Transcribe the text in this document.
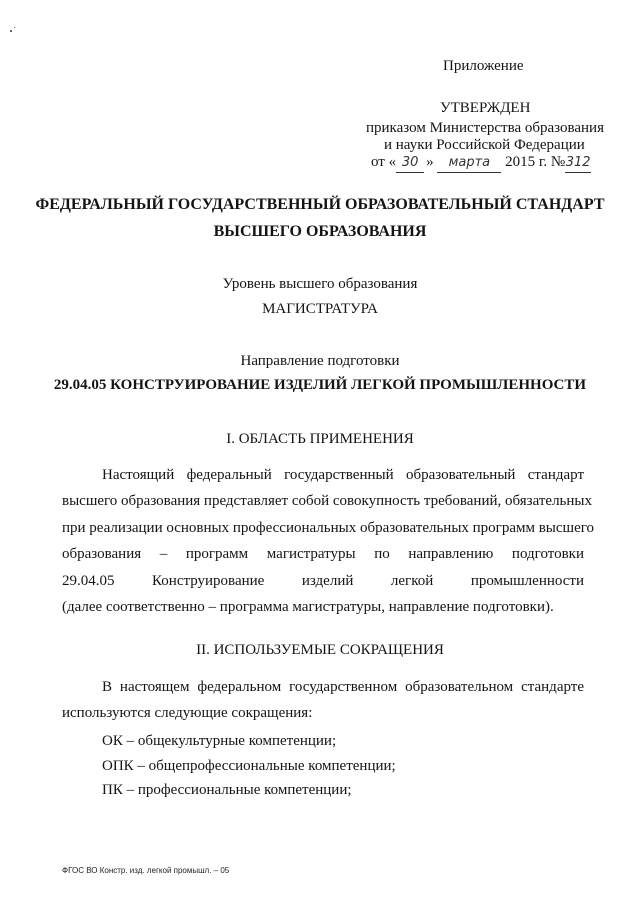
Приложение

УТВЕРЖДЕН

приказом Министерства образования

и науки Российской Федерации

от « 30 » марта 2015 г. №312

ФЕДЕРАЛЬНЫЙ ГОСУДАРСТВЕННЫЙ ОБРАЗОВАТЕЛЬНЫЙ СТАНДАРТ

ВЫСШЕГО ОБРАЗОВАНИЯ

Уровень высшего образования

МАГИСТРАТУРА

Направление подготовки

29.04.05 КОНСТРУИРОВАНИЕ ИЗДЕЛИЙ ЛЕГКОЙ ПРОМЫШЛЕННОСТИ

I. ОБЛАСТЬ ПРИМЕНЕНИЯ

Настоящий федеральный государственный образовательный стандарт

высшего образования представляет собой совокупность требований, обязательных

при реализации основных профессиональных образовательных программ высшего

образования – программ магистратуры по направлению подготовки

29.04.05 Конструирование изделий легкой промышленности

(далее соответственно – программа магистратуры, направление подготовки).

II. ИСПОЛЬЗУЕМЫЕ СОКРАЩЕНИЯ

В настоящем федеральном государственном образовательном стандарте

используются следующие сокращения:

ОК – общекультурные компетенции;

ОПК – общепрофессиональные компетенции;

ПК – профессиональные компетенции;

ФГОС ВО Констр. изд. легкой промышл. – 05
